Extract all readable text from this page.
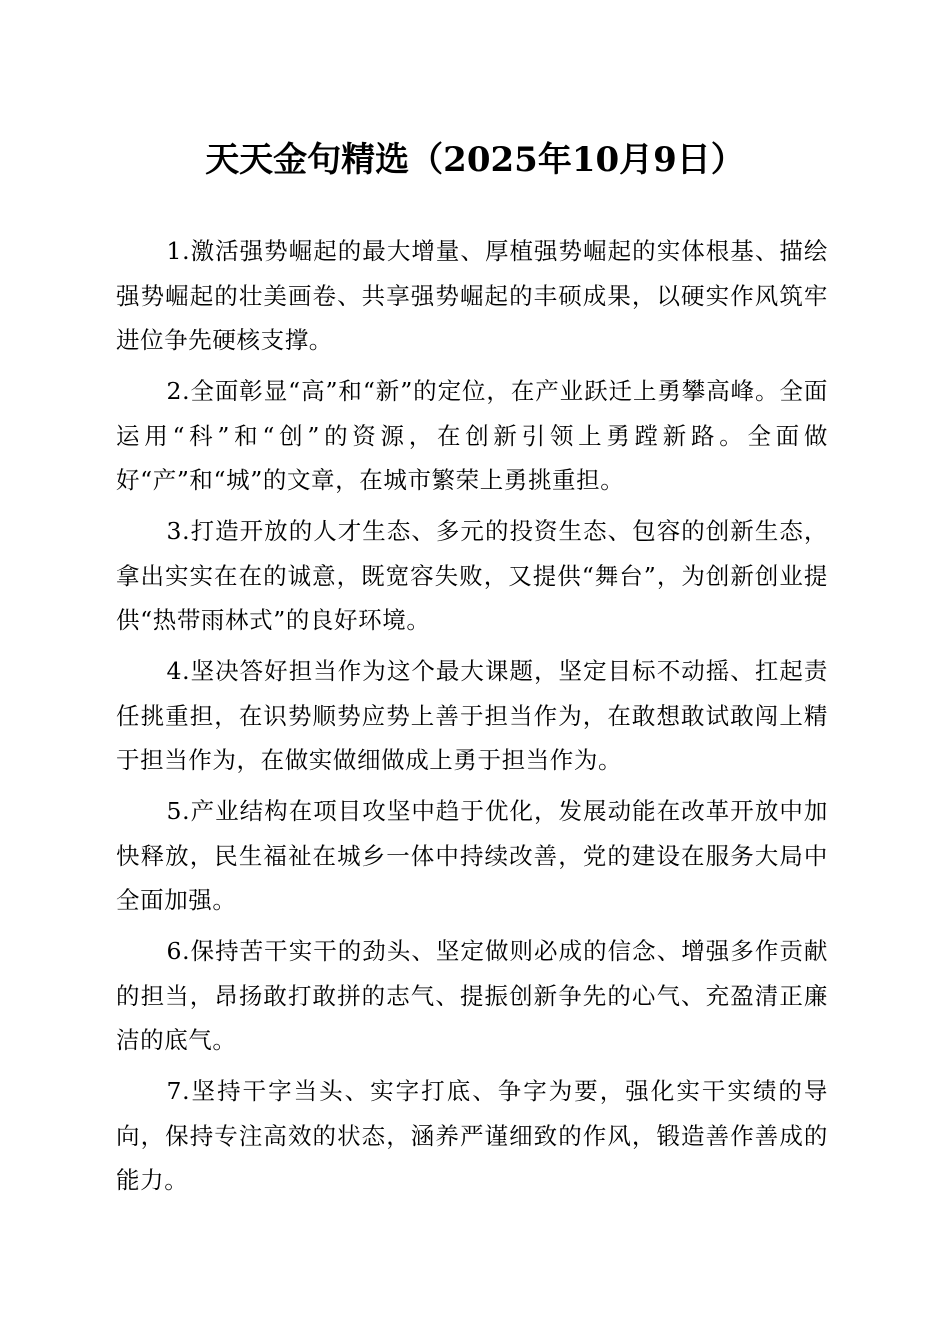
天天金句精选（2025年10月9日）

1.激活强势崛起的最大增量、厚植强势崛起的实体根基、描绘强势崛起的壮美画卷、共享强势崛起的丰硕成果，以硬实作风筑牢进位争先硬核支撑。

2.全面彰显“高”和“新”的定位，在产业跃迁上勇攀高峰。全面运用“科”和“创”的资源，在创新引领上勇蹚新路。全面做好“产”和“城”的文章，在城市繁荣上勇挑重担。

3.打造开放的人才生态、多元的投资生态、包容的创新生态，拿出实实在在的诚意，既宽容失败，又提供“舞台”，为创新创业提供“热带雨林式”的良好环境。

4.坚决答好担当作为这个最大课题，坚定目标不动摇、扛起责任挑重担，在识势顺势应势上善于担当作为，在敢想敢试敢闯上精于担当作为，在做实做细做成上勇于担当作为。

5.产业结构在项目攻坚中趋于优化，发展动能在改革开放中加快释放，民生福祉在城乡一体中持续改善，党的建设在服务大局中全面加强。

6.保持苦干实干的劲头、坚定做则必成的信念、增强多作贡献的担当，昂扬敢打敢拼的志气、提振创新争先的心气、充盈清正廉洁的底气。

7.坚持干字当头、实字打底、争字为要，强化实干实绩的导向，保持专注高效的状态，涵养严谨细致的作风，锻造善作善成的能力。
